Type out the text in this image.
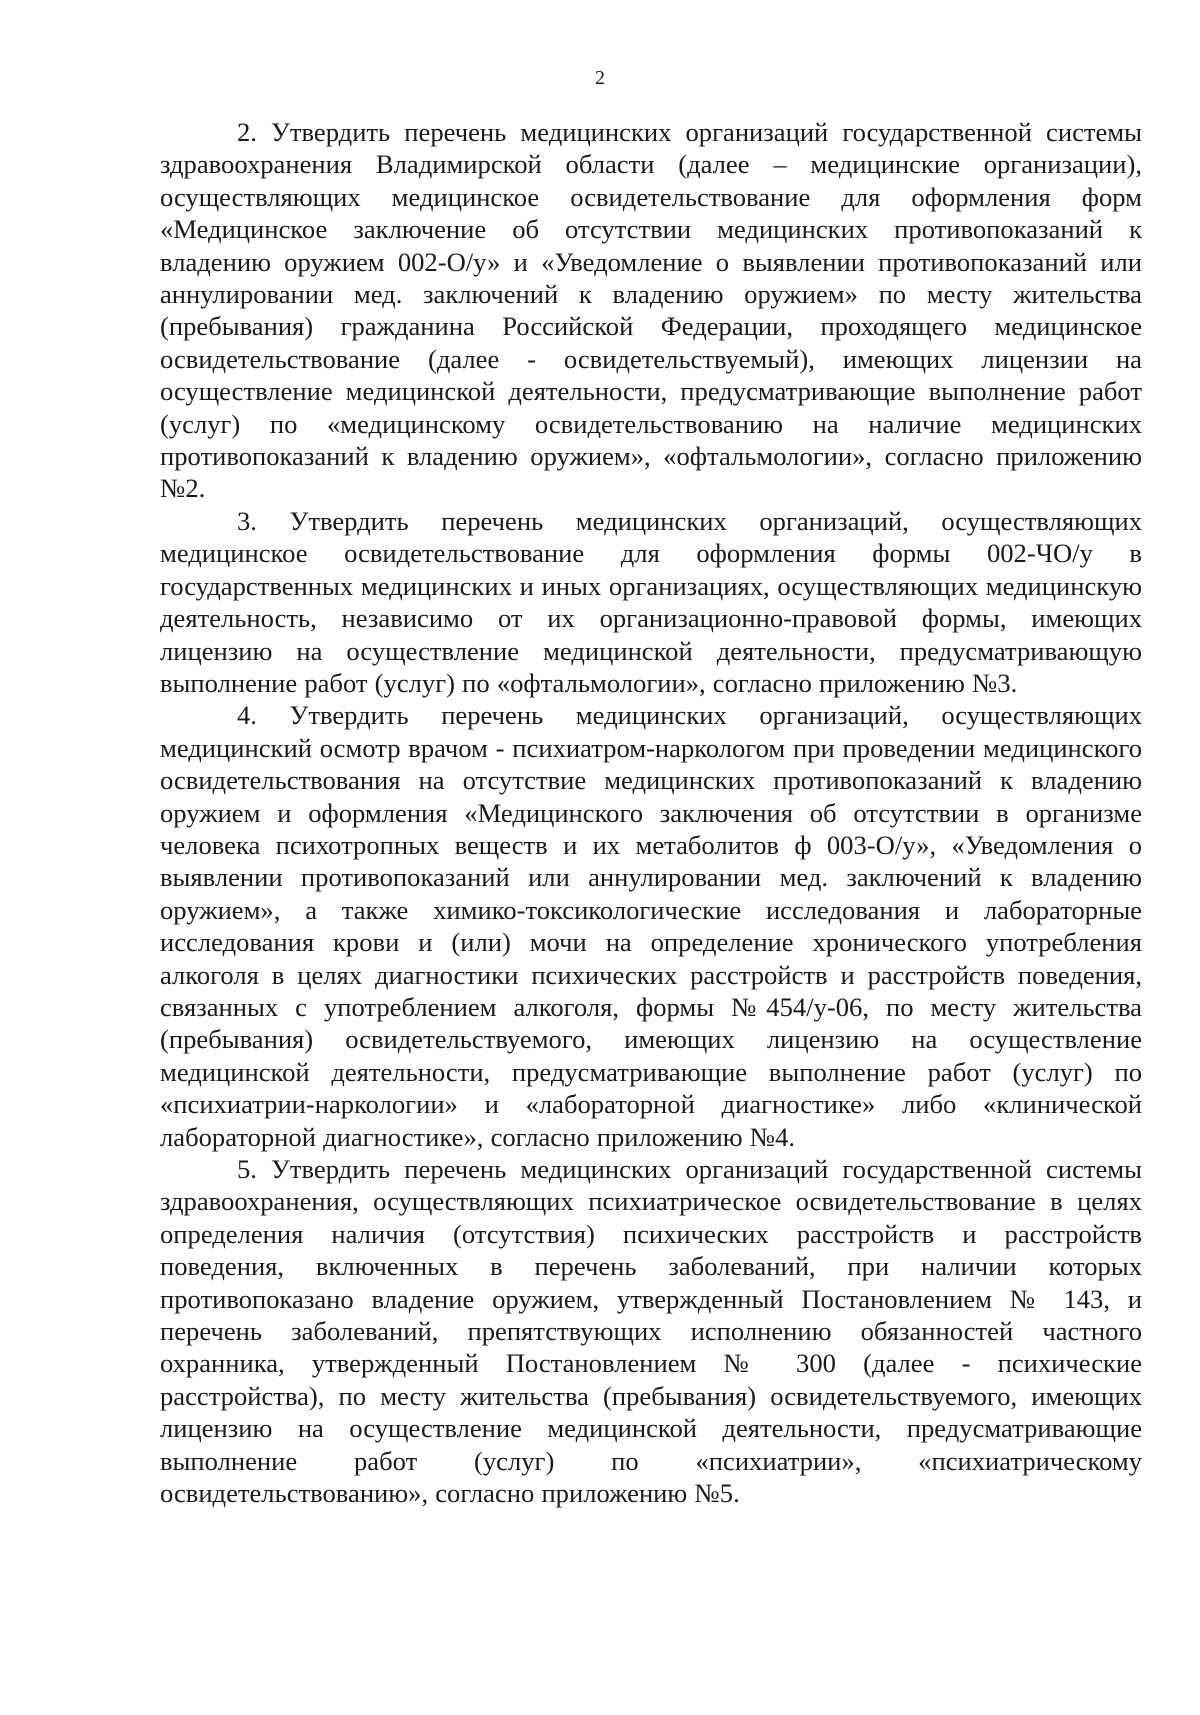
2

2. Утвердить перечень медицинских организаций государственной системы здравоохранения Владимирской области (далее – медицинские организации), осуществляющих медицинское освидетельствование для оформления форм «Медицинское заключение об отсутствии медицинских противопоказаний к владению оружием 002-О/у» и «Уведомление о выявлении противопоказаний или аннулировании мед. заключений к владению оружием» по месту жительства (пребывания) гражданина Российской Федерации, проходящего медицинское освидетельствование (далее - освидетельствуемый), имеющих лицензии на осуществление медицинской деятельности, предусматривающие выполнение работ (услуг) по «медицинскому освидетельствованию на наличие медицинских противопоказаний к владению оружием», «офтальмологии», согласно приложению №2.

3. Утвердить перечень медицинских организаций, осуществляющих медицинское освидетельствование для оформления формы 002-ЧО/у в государственных медицинских и иных организациях, осуществляющих медицинскую деятельность, независимо от их организационно-правовой формы, имеющих лицензию на осуществление медицинской деятельности, предусматривающую выполнение работ (услуг) по «офтальмологии», согласно приложению №3.

4. Утвердить перечень медицинских организаций, осуществляющих медицинский осмотр врачом - психиатром-наркологом при проведении медицинского освидетельствования на отсутствие медицинских противопоказаний к владению оружием и оформления «Медицинского заключения об отсутствии в организме человека психотропных веществ и их метаболитов ф 003-О/у», «Уведомления о выявлении противопоказаний или аннулировании мед. заключений к владению оружием», а также химико-токсикологические исследования и лабораторные исследования крови и (или) мочи на определение хронического употребления алкоголя в целях диагностики психических расстройств и расстройств поведения, связанных с употреблением алкоголя, формы №454/у-06, по месту жительства (пребывания) освидетельствуемого, имеющих лицензию на осуществление медицинской деятельности, предусматривающие выполнение работ (услуг) по «психиатрии-наркологии» и «лабораторной диагностике» либо «клинической лабораторной диагностике», согласно приложению №4.

5. Утвердить перечень медицинских организаций государственной системы здравоохранения, осуществляющих психиатрическое освидетельствование в целях определения наличия (отсутствия) психических расстройств и расстройств поведения, включенных в перечень заболеваний, при наличии которых противопоказано владение оружием, утвержденный Постановлением № 143, и перечень заболеваний, препятствующих исполнению обязанностей частного охранника, утвержденный Постановлением № 300 (далее - психические расстройства), по месту жительства (пребывания) освидетельствуемого, имеющих лицензию на осуществление медицинской деятельности, предусматривающие выполнение работ (услуг) по «психиатрии», «психиатрическому освидетельствованию», согласно приложению №5.
